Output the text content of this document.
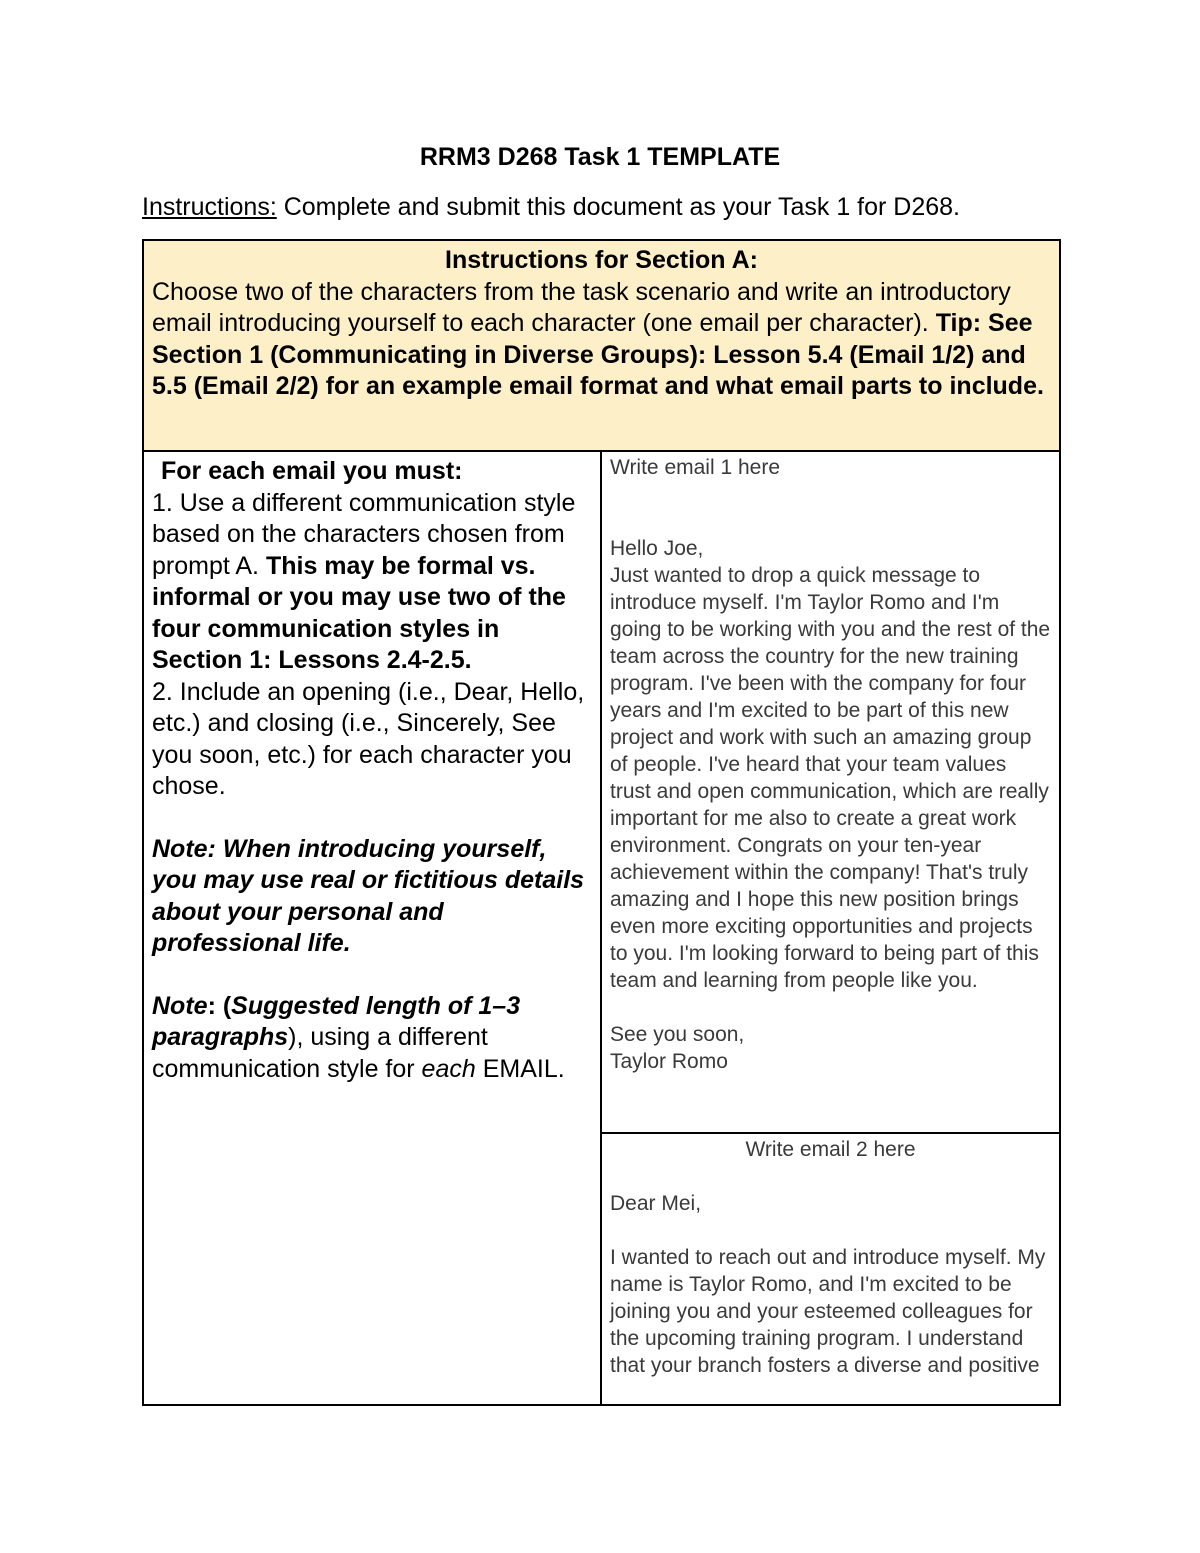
RRM3 D268 Task 1 TEMPLATE
Instructions: Complete and submit this document as your Task 1 for D268.
Instructions for Section A:
Choose two of the characters from the task scenario and write an introductory email introducing yourself to each character (one email per character). Tip: See Section 1 (Communicating in Diverse Groups): Lesson 5.4 (Email 1/2) and 5.5 (Email 2/2) for an example email format and what email parts to include.

For each email you must:

1. Use a different communication style based on the characters chosen from prompt A. This may be formal vs. informal or you may use two of the four communication styles in Section 1: Lessons 2.4-2.5.

2. Include an opening (i.e., Dear, Hello, etc.) and closing (i.e., Sincerely, See you soon, etc.) for each character you chose.

Note: When introducing yourself, you may use real or fictitious details about your personal and professional life.

Note: (Suggested length of 1–3 paragraphs), using a different communication style for each EMAIL.

Write email 1 here

Hello Joe,

Just wanted to drop a quick message to introduce myself. I'm Taylor Romo and I'm going to be working with you and the rest of the team across the country for the new training program. I've been with the company for four years and I'm excited to be part of this new project and work with such an amazing group of people. I've heard that your team values trust and open communication, which are really important for me also to create a great work environment. Congrats on your ten-year achievement within the company! That's truly amazing and I hope this new position brings even more exciting opportunities and projects to you. I'm looking forward to being part of this team and learning from people like you.

See you soon,

Taylor Romo

Write email 2 here

Dear Mei,

I wanted to reach out and introduce myself. My name is Taylor Romo, and I'm excited to be joining you and your esteemed colleagues for the upcoming training program. I understand that your branch fosters a diverse and positive
